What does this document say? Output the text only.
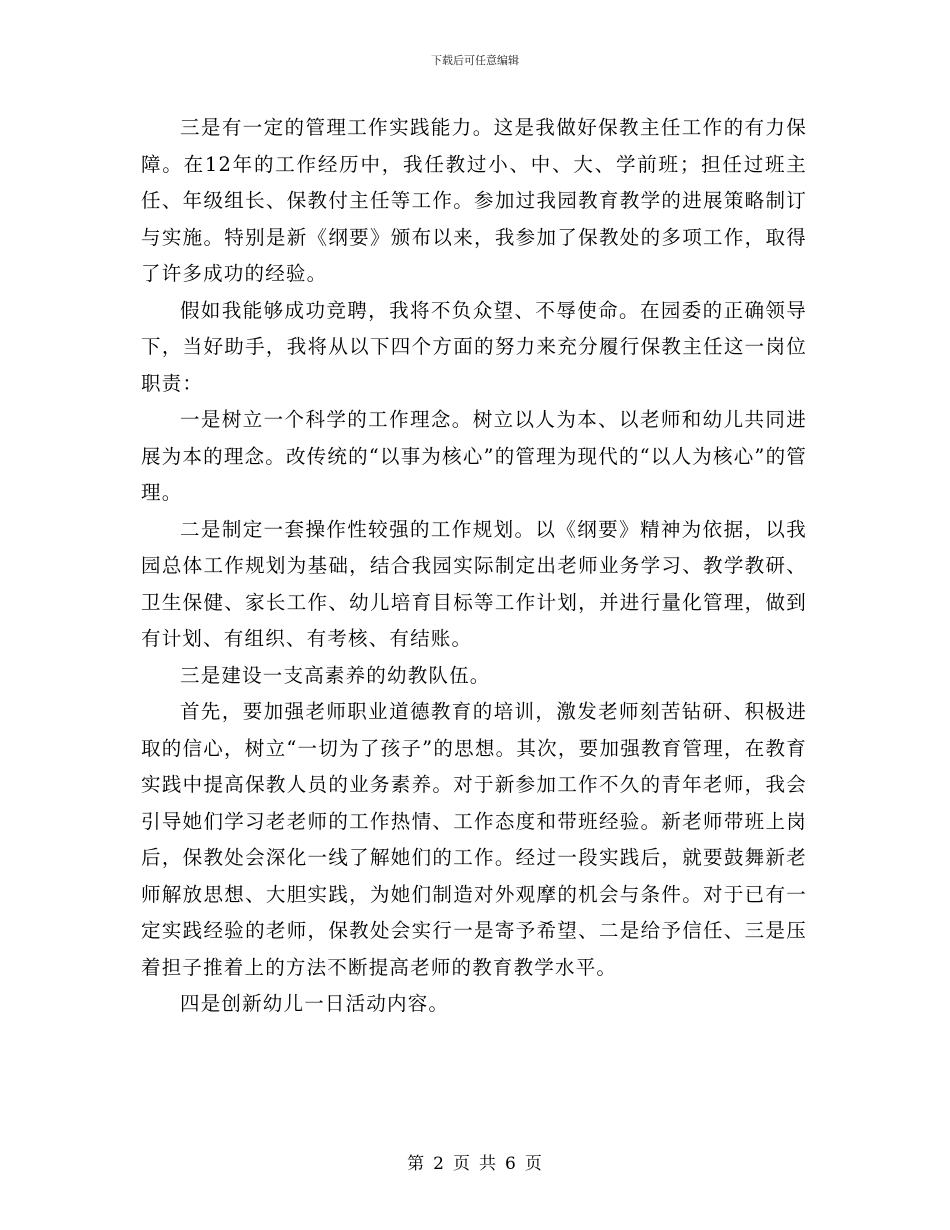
下载后可任意编辑

三是有一定的管理工作实践能力。这是我做好保教主任工作的有力保障。在12年的工作经历中，我任教过小、中、大、学前班；担任过班主任、年级组长、保教付主任等工作。参加过我园教育教学的进展策略制订与实施。特别是新《纲要》颁布以来，我参加了保教处的多项工作，取得了许多成功的经验。

假如我能够成功竞聘，我将不负众望、不辱使命。在园委的正确领导下，当好助手，我将从以下四个方面的努力来充分履行保教主任这一岗位职责：

一是树立一个科学的工作理念。树立以人为本、以老师和幼儿共同进展为本的理念。改传统的“以事为核心”的管理为现代的“以人为核心”的管理。

二是制定一套操作性较强的工作规划。以《纲要》精神为依据，以我园总体工作规划为基础，结合我园实际制定出老师业务学习、教学教研、卫生保健、家长工作、幼儿培育目标等工作计划，并进行量化管理，做到有计划、有组织、有考核、有结账。

三是建设一支高素养的幼教队伍。

首先，要加强老师职业道德教育的培训，激发老师刻苦钻研、积极进取的信心，树立“一切为了孩子”的思想。其次，要加强教育管理，在教育实践中提高保教人员的业务素养。对于新参加工作不久的青年老师，我会引导她们学习老老师的工作热情、工作态度和带班经验。新老师带班上岗后，保教处会深化一线了解她们的工作。经过一段实践后，就要鼓舞新老师解放思想、大胆实践，为她们制造对外观摩的机会与条件。对于已有一定实践经验的老师，保教处会实行一是寄予希望、二是给予信任、三是压着担子推着上的方法不断提高老师的教育教学水平。

四是创新幼儿一日活动内容。

第 2 页 共 6 页
